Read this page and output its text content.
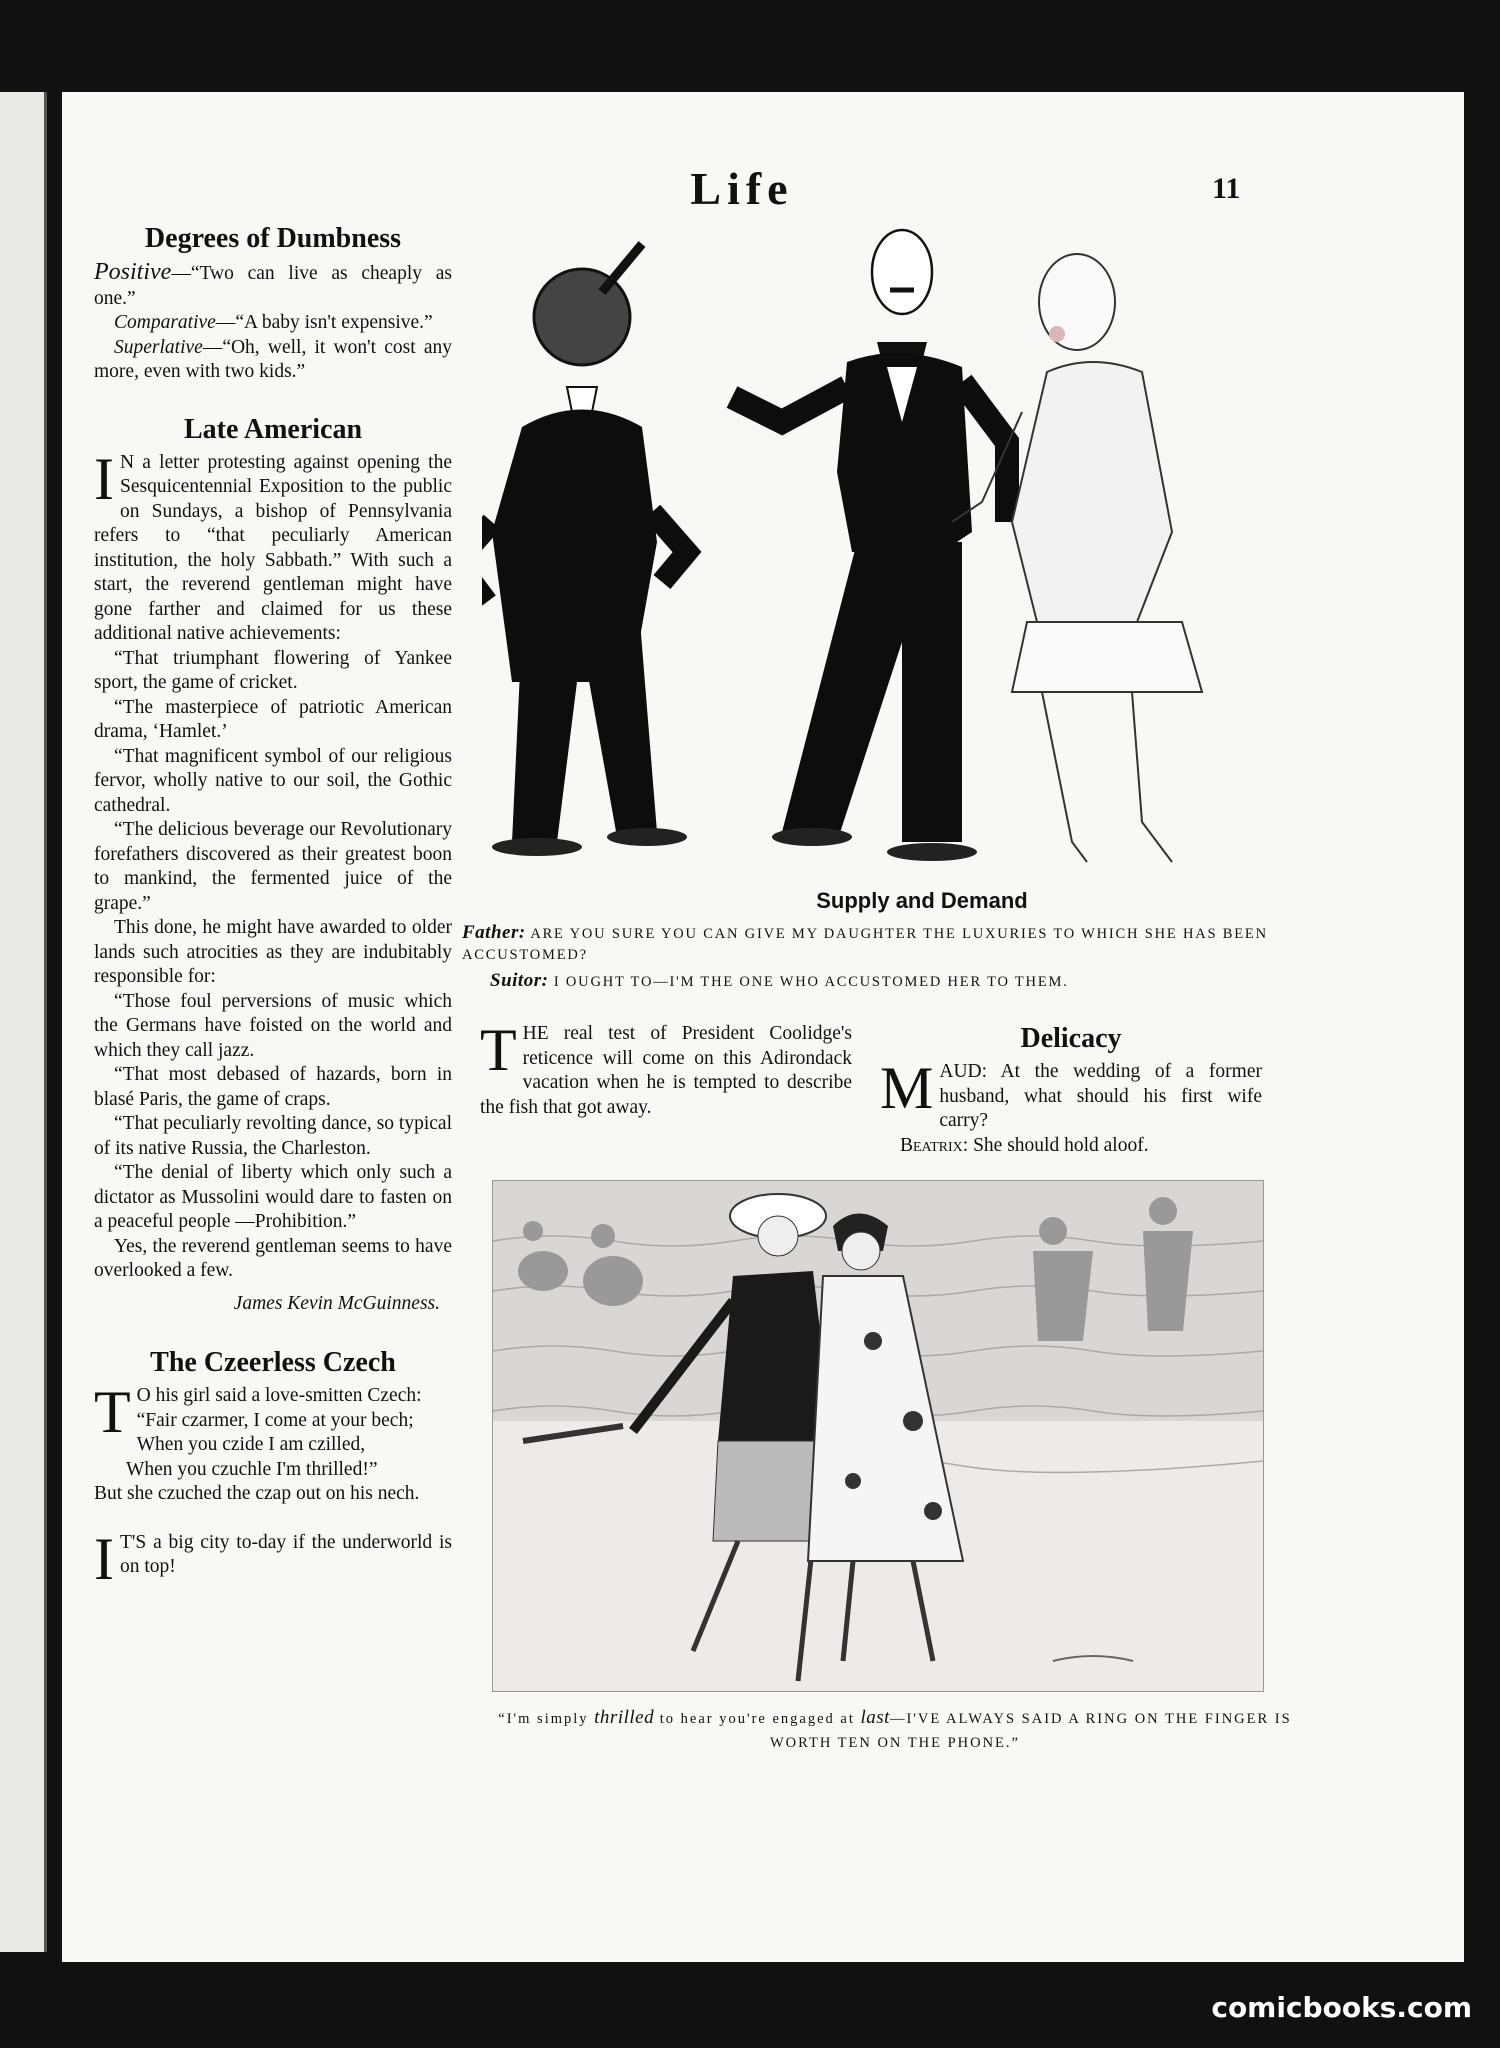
Life	11
Degrees of Dumbness

Positive—“Two can live as cheaply as one.”

Comparative—“A baby isn't expensive.”

Superlative—“Oh, well, it won't cost any more, even with two kids.”

Late American

I N a letter protesting against opening the Sesquicentennial Exposition to the public on Sundays, a bishop of Pennsylvania refers to “that peculiarly American institution, the holy Sabbath.” With such a start, the reverend gentleman might have gone farther and claimed for us these additional native achievements:

“That triumphant flowering of Yankee sport, the game of cricket.

“The masterpiece of patriotic American drama, ‘Hamlet.’

“That magnificent symbol of our religious fervor, wholly native to our soil, the Gothic cathedral.

“The delicious beverage our Revolutionary forefathers discovered as their greatest boon to mankind, the fermented juice of the grape.”

This done, he might have awarded to older lands such atrocities as they are indubitably responsible for:

“Those foul perversions of music which the Germans have foisted on the world and which they call jazz.

“That most debased of hazards, born in blasé Paris, the game of craps.

“That peculiarly revolting dance, so typical of its native Russia, the Charleston.

“The denial of liberty which only such a dictator as Mussolini would dare to fasten on a peaceful people —Prohibition.”

Yes, the reverend gentleman seems to have overlooked a few.

James Kevin McGuinness.

The Czeerless Czech
T O his girl said a love-smitten Czech:
“Fair czarmer, I come at your bech;
When you czide I am czilled,
When you czuchle I'm thrilled!”
But she czuched the czap out on his nech.

I T'S a big city to-day if the underworld is on top!

Supply and Demand
Father: ARE YOU SURE YOU CAN GIVE MY DAUGHTER THE LUXURIES TO WHICH SHE HAS BEEN ACCUSTOMED?
Suitor: I OUGHT TO—I'M THE ONE WHO ACCUSTOMED HER TO THEM.

THE real test of President Coolidge's reticence will come on this Adirondack vacation when he is tempted to describe the fish that got away.

Delicacy

MAUD: At the wedding of a former husband, what should his first wife carry?

Beatrix: She should hold aloof.

“I'm simply thrilled to hear you're engaged at last—I'VE ALWAYS SAID A RING ON THE FINGER IS WORTH TEN ON THE PHONE.”
comicbooks.com
